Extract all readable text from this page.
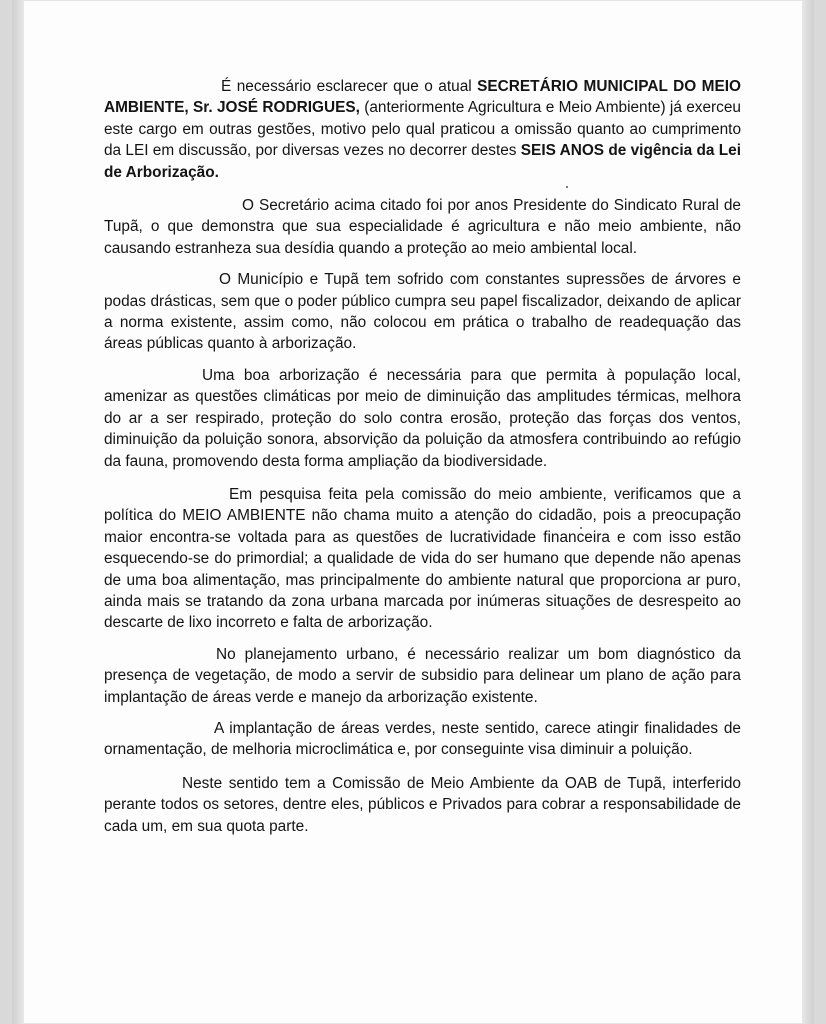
É necessário esclarecer que o atual SECRETÁRIO MUNICIPAL DO MEIO AMBIENTE, Sr. JOSÉ RODRIGUES, (anteriormente Agricultura e Meio Ambiente) já exerceu este cargo em outras gestões, motivo pelo qual praticou a omissão quanto ao cumprimento da LEI em discussão, por diversas vezes no decorrer destes SEIS ANOS de vigência da Lei de Arborização.

O Secretário acima citado foi por anos Presidente do Sindicato Rural de Tupã, o que demonstra que sua especialidade é agricultura e não meio ambiente, não causando estranheza sua desídia quando a proteção ao meio ambiental local.

O Município e Tupã tem sofrido com constantes supressões de árvores e podas drásticas, sem que o poder público cumpra seu papel fiscalizador, deixando de aplicar a norma existente, assim como, não colocou em prática o trabalho de readequação das áreas públicas quanto à arborização.

Uma boa arborização é necessária para que permita à população local, amenizar as questões climáticas por meio de diminuição das amplitudes térmicas, melhora do ar a ser respirado, proteção do solo contra erosão, proteção das forças dos ventos, diminuição da poluição sonora, absorvição da poluição da atmosfera contribuindo ao refúgio da fauna, promovendo desta forma ampliação da biodiversidade.

Em pesquisa feita pela comissão do meio ambiente, verificamos que a política do MEIO AMBIENTE não chama muito a atenção do cidadão, pois a preocupação maior encontra-se voltada para as questões de lucratividade financeira e com isso estão esquecendo-se do primordial; a qualidade de vida do ser humano que depende não apenas de uma boa alimentação, mas principalmente do ambiente natural que proporciona ar puro, ainda mais se tratando da zona urbana marcada por inúmeras situações de desrespeito ao descarte de lixo incorreto e falta de arborização.

No planejamento urbano, é necessário realizar um bom diagnóstico da presença de vegetação, de modo a servir de subsidio para delinear um plano de ação para implantação de áreas verde e manejo da arborização existente.

A implantação de áreas verdes, neste sentido, carece atingir finalidades de ornamentação, de melhoria microclimática e, por conseguinte visa diminuir a poluição.

Neste sentido tem a Comissão de Meio Ambiente da OAB de Tupã, interferido perante todos os setores, dentre eles, públicos e Privados para cobrar a responsabilidade de cada um, em sua quota parte.
